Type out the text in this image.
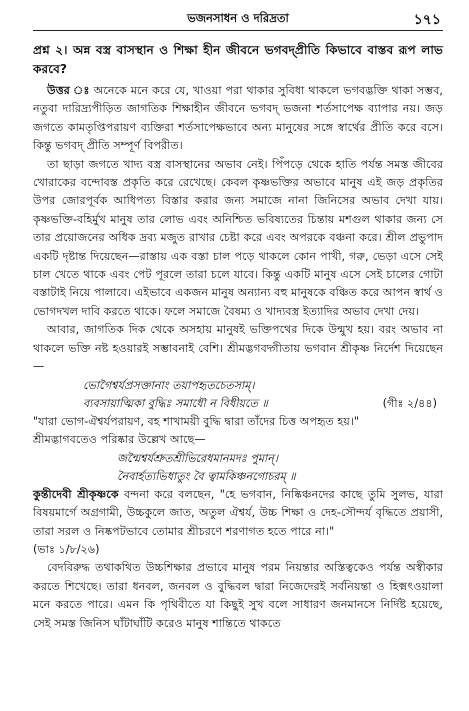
ভজনসাধন ও দরিদ্রতা	১৭১

প্রশ্ন ২। অন্ন বস্ত্র বাসস্থান ও শিক্ষা হীন জীবনে ভগবদ্প্রীতি কিভাবে বাস্তব রূপ লাভ করবে?

উত্তর ঃ অনেকে মনে করে যে, খাওয়া পরা থাকার সুবিধা থাকলে ভগবদ্ভক্তি থাকা সম্ভব, নতুবা দারিদ্র্যপীড়িত জাগতিক শিক্ষাহীন জীবনে ভগবদ্ ভজনা শর্তসাপেক্ষ ব্যাপার নয়। জড় জগতে কামতৃপ্তিপরায়ণ ব্যক্তিরা শর্তসাপেক্ষভাবে অন্য মানুষের সঙ্গে স্বার্থের প্রীতি করে বসে। কিন্তু ভগবদ্ প্রীতি সম্পূর্ণ বিপরীত।

তা ছাড়া জগতে খাদ্য বস্ত্র বাসস্থানের অভাব নেই। পিঁপড়ে থেকে হাতি পর্যন্ত সমস্ত জীবের খোরাকের বন্দোবস্ত প্রকৃতি করে রেখেছে। কেবল কৃষ্ণভক্তির অভাবে মানুষ এই জড় প্রকৃতির উপর জোরপূর্বক আধিপত্য বিস্তার করার জন্য সমাজে নানা জিনিসের অভাব দেখা যায়। কৃষ্ণভক্তি-বহির্মুখ মানুষ তার লোভ এবং অনিশ্চিত ভবিষ্যতের চিন্তায় মশগুল থাকার জন্য সে তার প্রয়োজনের অধিক দ্রব্য মজুত রাখার চেষ্টা করে এবং অপরকে বঞ্চনা করে। শ্রীল প্রভুপাদ একটি দৃষ্টান্ত দিয়েছেন—রাস্তায় এক বস্তা চাল পড়ে থাকলে কোন পাখী, গরু, ভেড়া এসে সেই চাল খেতে থাকে এবং পেট পূরলে তারা চলে যাবে। কিন্তু একটি মানুষ এসে সেই চালের গোটা বস্তাটাই নিয়ে পালাবে। এইভাবে একজন মানুষ অন্যান্য বহু মানুষকে বঞ্চিত করে আপন স্বার্থ ও ভোগদখল দাবি করতে থাকে। ফলে সমাজে বৈষম্য ও খাদ্যবস্ত্র ইত্যাদির অভাব দেখা দেয়।

আবার, জাগতিক দিক থেকে অসহায় মানুষই ভক্তিপথের দিকে উন্মুখ হয়। বরং অভাব না থাকলে ভক্তি নষ্ট হওয়ারই সম্ভাবনাই বেশি। শ্রীমদ্ভগবদ্গীতায় ভগবান শ্রীকৃষ্ণ নির্দেশ দিয়েছেন—

ভোগৈশ্বর্যপ্রসক্তানাং তয়াপহৃতচেতসাম্।

ব্যবসায়াত্মিকা বুদ্ধিঃ সমাধৌ ন বিধীয়তে ॥	(গীঃ ২/৪৪)

"যারা ভোগ-ঐশ্বর্যপরায়ণ, বহ শাখাময়ী বুদ্ধি দ্বারা তাঁদের চিত্ত অপহৃত হয়।"

শ্রীমদ্ভাগবতেও পরিষ্কার উল্লেখ আছে—

জন্মৈশ্বর্যশ্রুতশ্রীভিরেধমানমদঃ পুমান্।

নৈবার্হত্যভিধাতুং বৈ ত্বামকিঞ্চনগোচরম্ ॥

কুন্তীদেবী শ্রীকৃষ্ণকে বন্দনা করে বলছেন, "হে ভগবান, নিষ্কিঞ্চনদের কাছে তুমি সুলভ, যারা বিষয়মার্গে অগ্রগামী, উচ্চকুলে জাত, অতুল ঐশ্বর্য, উচ্চ শিক্ষা ও দেহ-সৌন্দর্য বৃদ্ধিতে প্রয়াসী, তারা সরল ও নিষ্কপটভাবে তোমার শ্রীচরণে শরণাগত হতে পারে না।"

(ভাঃ ১/৮/২৬)

বেদবিরুদ্ধ তথাকথিত উচ্চশিক্ষার প্রভাবে মানুষ পরম নিয়ন্তার অস্তিত্বকেও পর্যন্ত অস্বীকার করতে শিখেছে। তারা ধনবল, জনবল ও বুদ্ধিবল দ্বারা নিজেদেরই সর্বনিয়ন্তা ও হিক্মৎওয়ালা মনে করতে পারে। এমন কি পৃথিবীতে যা কিছুই সুখ বলে সাধারণ জনমানসে নির্দিষ্ট হয়েছে, সেই সমস্ত জিনিস ঘাঁটাঘাঁটি করেও মানুষ শান্তিতে থাকতে
